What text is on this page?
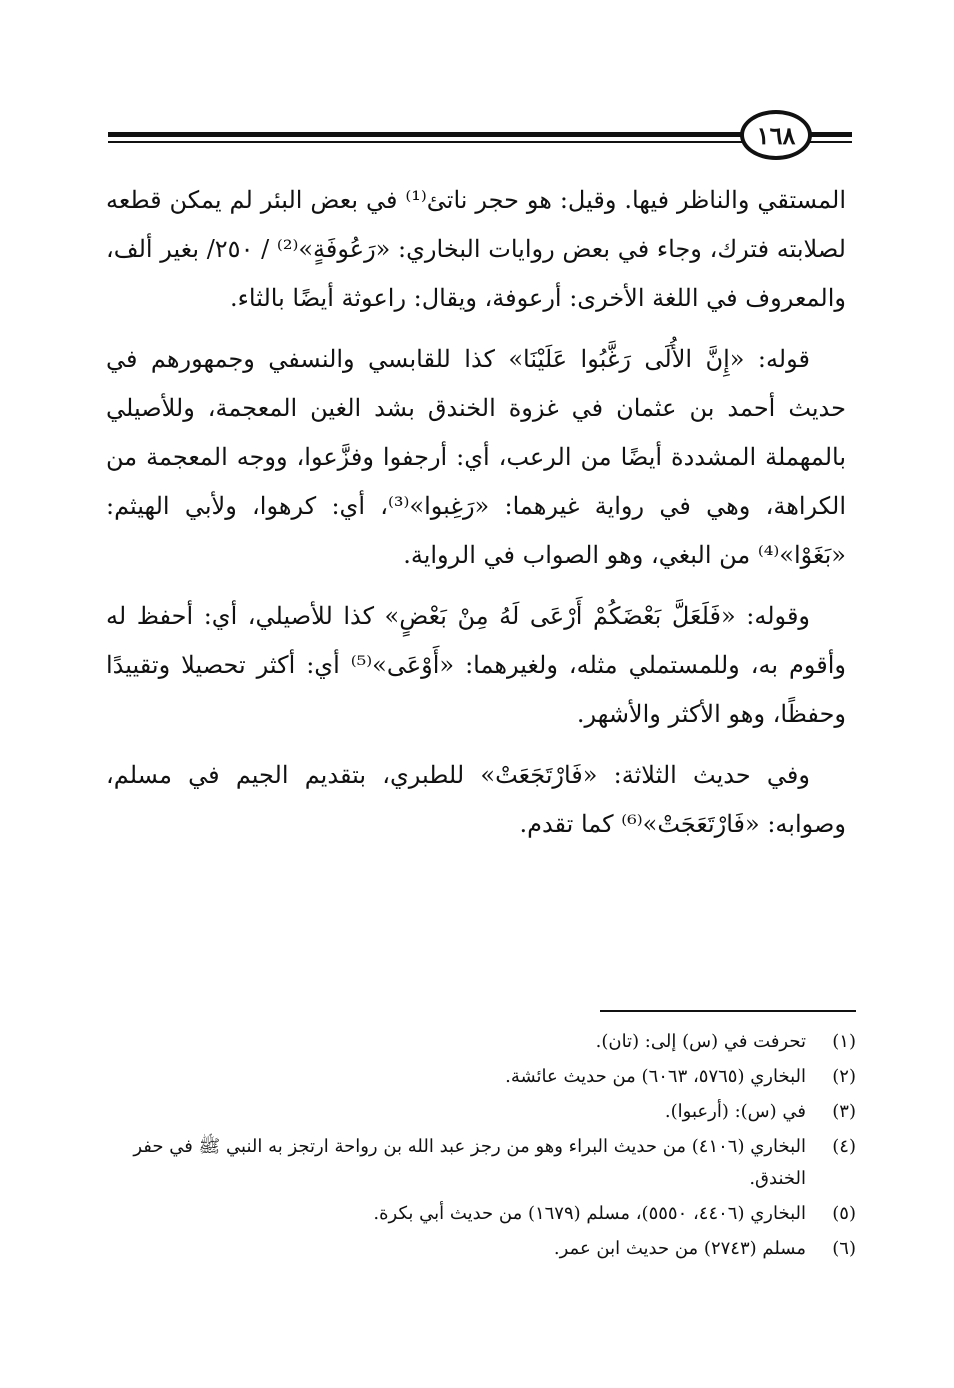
١٦٨

المستقي والناظر فيها. وقيل: هو حجر ناتئ⁽¹⁾ في بعض البئر لم يمكن قطعه لصلابته فترك، وجاء في بعض روايات البخاري: «رَعُوفَةٍ»⁽²⁾ / ٢٥٠/ بغير ألف، والمعروف في اللغة الأخرى: أرعوفة، ويقال: راعوثة أيضًا بالثاء.

قوله: «إِنَّ الأُلَى رَغَّبُوا عَلَيْنَا» كذا للقابسي والنسفي وجمهورهم في حديث أحمد بن عثمان في غزوة الخندق بشد الغين المعجمة، وللأصيلي بالمهملة المشددة أيضًا من الرعب، أي: أرجفوا وفزَّعوا، ووجه المعجمة من الكراهة، وهي في رواية غيرهما: «رَغِبوا»⁽³⁾، أي: كرهوا، ولأبي الهيثم: «بَغَوْا»⁽⁴⁾ من البغي، وهو الصواب في الرواية.

وقوله: «فَلَعَلَّ بَعْضَكُمْ أَرْعَى لَهُ مِنْ بَعْضٍ» كذا للأصيلي، أي: أحفظ له وأقوم به، وللمستملي مثله، ولغيرهما: «أَوْعَى»⁽⁵⁾ أي: أكثر تحصيلا وتقييدًا وحفظًا، وهو الأكثر والأشهر.

وفي حديث الثلاثة: «فَارْتَجَعَتْ» للطبري، بتقديم الجيم في مسلم، وصوابه: «فَارْتَعَجَتْ»⁽⁶⁾ كما تقدم.

(١)
تحرفت في (س) إلى: (تان).
(٢)
البخاري (٥٧٦٥، ٦٠٦٣) من حديث عائشة.
(٣)
في (س): (أرعبوا).
(٤)
البخاري (٤١٠٦) من حديث البراء وهو من رجز عبد الله بن رواحة ارتجز به النبي ﷺ في حفر الخندق.
(٥)
البخاري (٤٤٠٦، ٥٥٥٠)، مسلم (١٦٧٩) من حديث أبي بكرة.
(٦)
مسلم (٢٧٤٣) من حديث ابن عمر.
